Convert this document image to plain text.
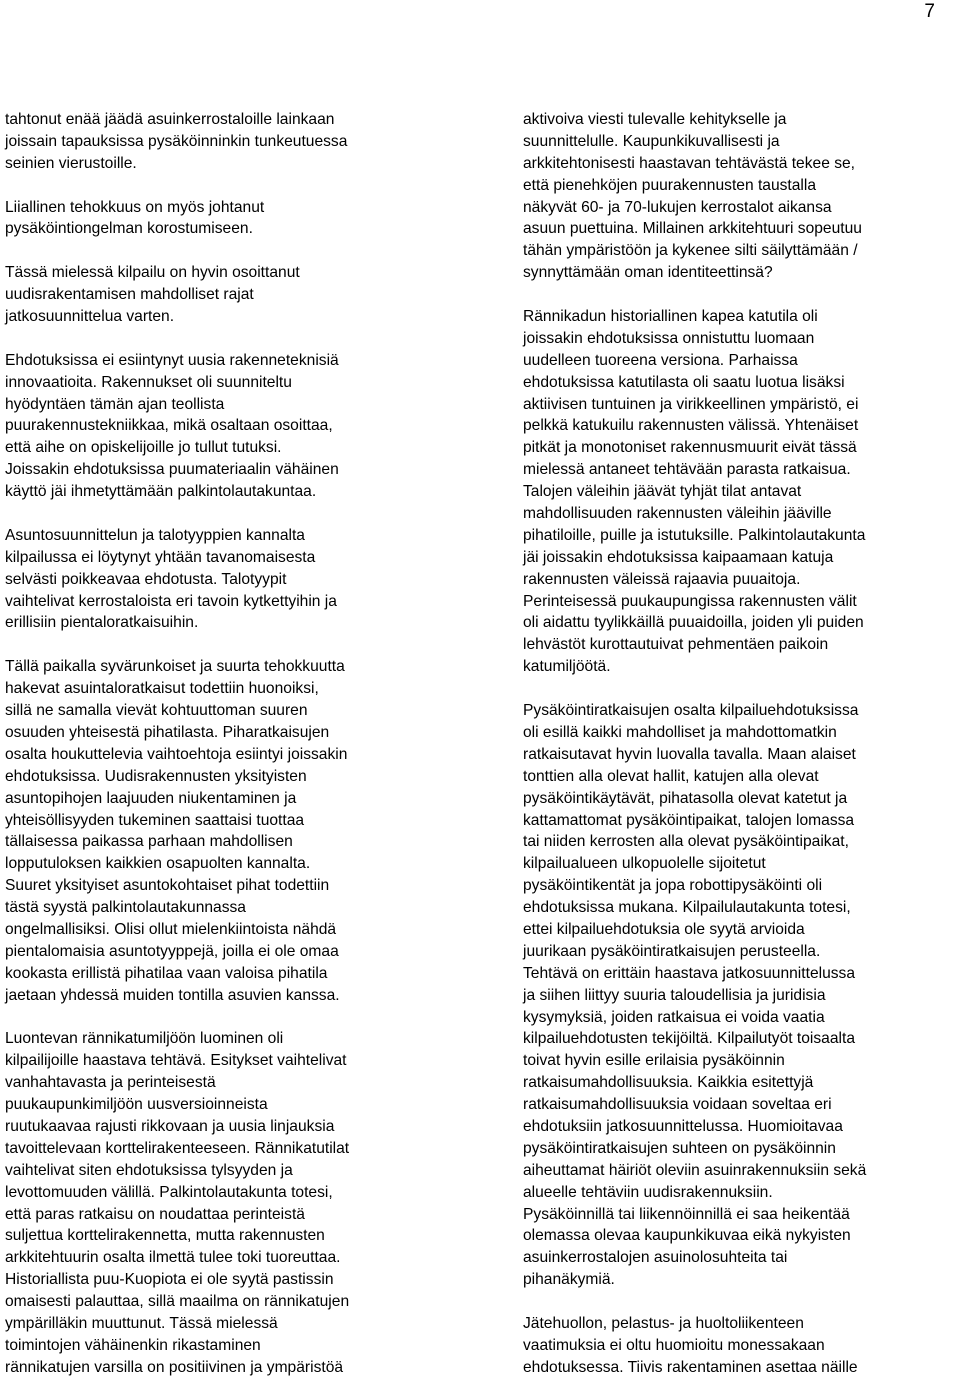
7
tahtonut enää jäädä asuinkerrostaloille lainkaan
joissain tapauksissa pysäköinninkin tunkeutuessa
seinien vierustoille.
Liiallinen tehokkuus on myös johtanut
pysäköintiongelman korostumiseen.
Tässä mielessä kilpailu on hyvin osoittanut
uudisrakentamisen mahdolliset rajat
jatkosuunnittelua varten.
Ehdotuksissa ei esiintynyt uusia rakenneteknisiä
innovaatioita. Rakennukset oli suunniteltu
hyödyntäen tämän ajan teollista
puurakennustekniikkaa, mikä osaltaan osoittaa,
että aihe on opiskelijoille jo tullut tutuksi.
Joissakin ehdotuksissa puumateriaalin vähäinen
käyttö jäi ihmetyttämään palkintolautakuntaa.
Asuntosuunnittelun ja talotyyppien kannalta
kilpailussa ei löytynyt yhtään tavanomaisesta
selvästi poikkeavaa ehdotusta. Talotyypit
vaihtelivat kerrostaloista eri tavoin kytkettyihin ja
erillisiin pientaloratkaisuihin.
Tällä paikalla syvärunkoiset ja suurta tehokkuutta
hakevat asuintaloratkaisut todettiin huonoiksi,
sillä ne samalla vievät kohtuuttoman suuren
osuuden yhteisestä pihatilasta. Piharatkaisujen
osalta houkuttelevia vaihtoehtoja esiintyi joissakin
ehdotuksissa. Uudisrakennusten yksityisten
asuntopihojen laajuuden niukentaminen ja
yhteisöllisyyden tukeminen saattaisi tuottaa
tällaisessa paikassa parhaan mahdollisen
lopputuloksen kaikkien osapuolten kannalta.
Suuret yksityiset asuntokohtaiset pihat todettiin
tästä syystä palkintolautakunnassa
ongelmallisiksi. Olisi ollut mielenkiintoista nähdä
pientalomaisia asuntotyyppejä, joilla ei ole omaa
kookasta erillistä pihatilaa vaan valoisa pihatila
jaetaan yhdessä muiden tontilla asuvien kanssa.
Luontevan rännikatumiljöön luominen oli
kilpailijoille haastava tehtävä. Esitykset vaihtelivat
vanhahtavasta ja perinteisestä
puukaupunkimiljöön uusversioinneista
ruutukaavaa rajusti rikkovaan ja uusia linjauksia
tavoittelevaan korttelirakenteeseen. Rännikatutilat
vaihtelivat siten ehdotuksissa tylsyyden ja
levottomuuden välillä. Palkintolautakunta totesi,
että paras ratkaisu on noudattaa perinteistä
suljettua korttelirakennetta, mutta rakennusten
arkkitehtuurin osalta ilmettä tulee toki tuoreuttaa.
Historiallista puu-Kuopiota ei ole syytä pastissin
omaisesti palauttaa, sillä maailma on rännikatujen
ympärilläkin muuttunut. Tässä mielessä
toimintojen vähäinenkin rikastaminen
rännikatujen varsilla on positiivinen ja ympäristöä
aktivoiva viesti tulevalle kehitykselle ja
suunnittelulle. Kaupunkikuvallisesti ja
arkkitehtonisesti haastavan tehtävästä tekee se,
että pienehköjen puurakennusten taustalla
näkyvät 60- ja 70-lukujen kerrostalot aikansa
asuun puettuina. Millainen arkkitehtuuri sopeutuu
tähän ympäristöön ja kykenee silti säilyttämään /
synnyttämään oman identiteettinsä?
Rännikadun historiallinen kapea katutila oli
joissakin ehdotuksissa onnistuttu luomaan
uudelleen tuoreena versiona. Parhaissa
ehdotuksissa katutilasta oli saatu luotua lisäksi
aktiivisen tuntuinen ja virikkeellinen ympäristö, ei
pelkkä katukuilu rakennusten välissä. Yhtenäiset
pitkät ja monotoniset rakennusmuurit eivät tässä
mielessä antaneet tehtävään parasta ratkaisua.
Talojen väleihin jäävät tyhjät tilat antavat
mahdollisuuden rakennusten väleihin jääville
pihatiloille, puille ja istutuksille. Palkintolautakunta
jäi joissakin ehdotuksissa kaipaamaan katuja
rakennusten väleissä rajaavia puuaitoja.
Perinteisessä puukaupungissa rakennusten välit
oli aidattu tyylikkäillä puuaidoilla, joiden yli puiden
lehvästöt kurottautuivat pehmentäen paikoin
katumiljöötä.
Pysäköintiratkaisujen osalta kilpailuehdotuksissa
oli esillä kaikki mahdolliset ja mahdottomatkin
ratkaisutavat hyvin luovalla tavalla. Maan alaiset
tonttien alla olevat hallit, katujen alla olevat
pysäköintikäytävät, pihatasolla olevat katetut ja
kattamattomat pysäköintipaikat, talojen lomassa
tai niiden kerrosten alla olevat pysäköintipaikat,
kilpailualueen ulkopuolelle sijoitetut
pysäköintikentät ja jopa robottipysäköinti oli
ehdotuksissa mukana. Kilpailulautakunta totesi,
ettei kilpailuehdotuksia ole syytä arvioida
juurikaan pysäköintiratkaisujen perusteella.
Tehtävä on erittäin haastava jatkosuunnittelussa
ja siihen liittyy suuria taloudellisia ja juridisia
kysymyksiä, joiden ratkaisua ei voida vaatia
kilpailuehdotusten tekijöiltä. Kilpailutyöt toisaalta
toivat hyvin esille erilaisia pysäköinnin
ratkaisumahdollisuuksia. Kaikkia esitettyjä
ratkaisumahdollisuuksia voidaan soveltaa eri
ehdotuksiin jatkosuunnittelussa. Huomioitavaa
pysäköintiratkaisujen suhteen on pysäköinnin
aiheuttamat häiriöt oleviin asuinrakennuksiin sekä
alueelle tehtäviin uudisrakennuksiin.
Pysäköinnillä tai liikennöinnillä ei saa heikentää
olemassa olevaa kaupunkikuvaa eikä nykyisten
asuinkerrostalojen asuinolosuhteita tai
pihanäkymiä.
Jätehuollon, pelastus- ja huoltoliikenteen
vaatimuksia ei oltu huomioitu monessakaan
ehdotuksessa. Tiivis rakentaminen asettaa näille
